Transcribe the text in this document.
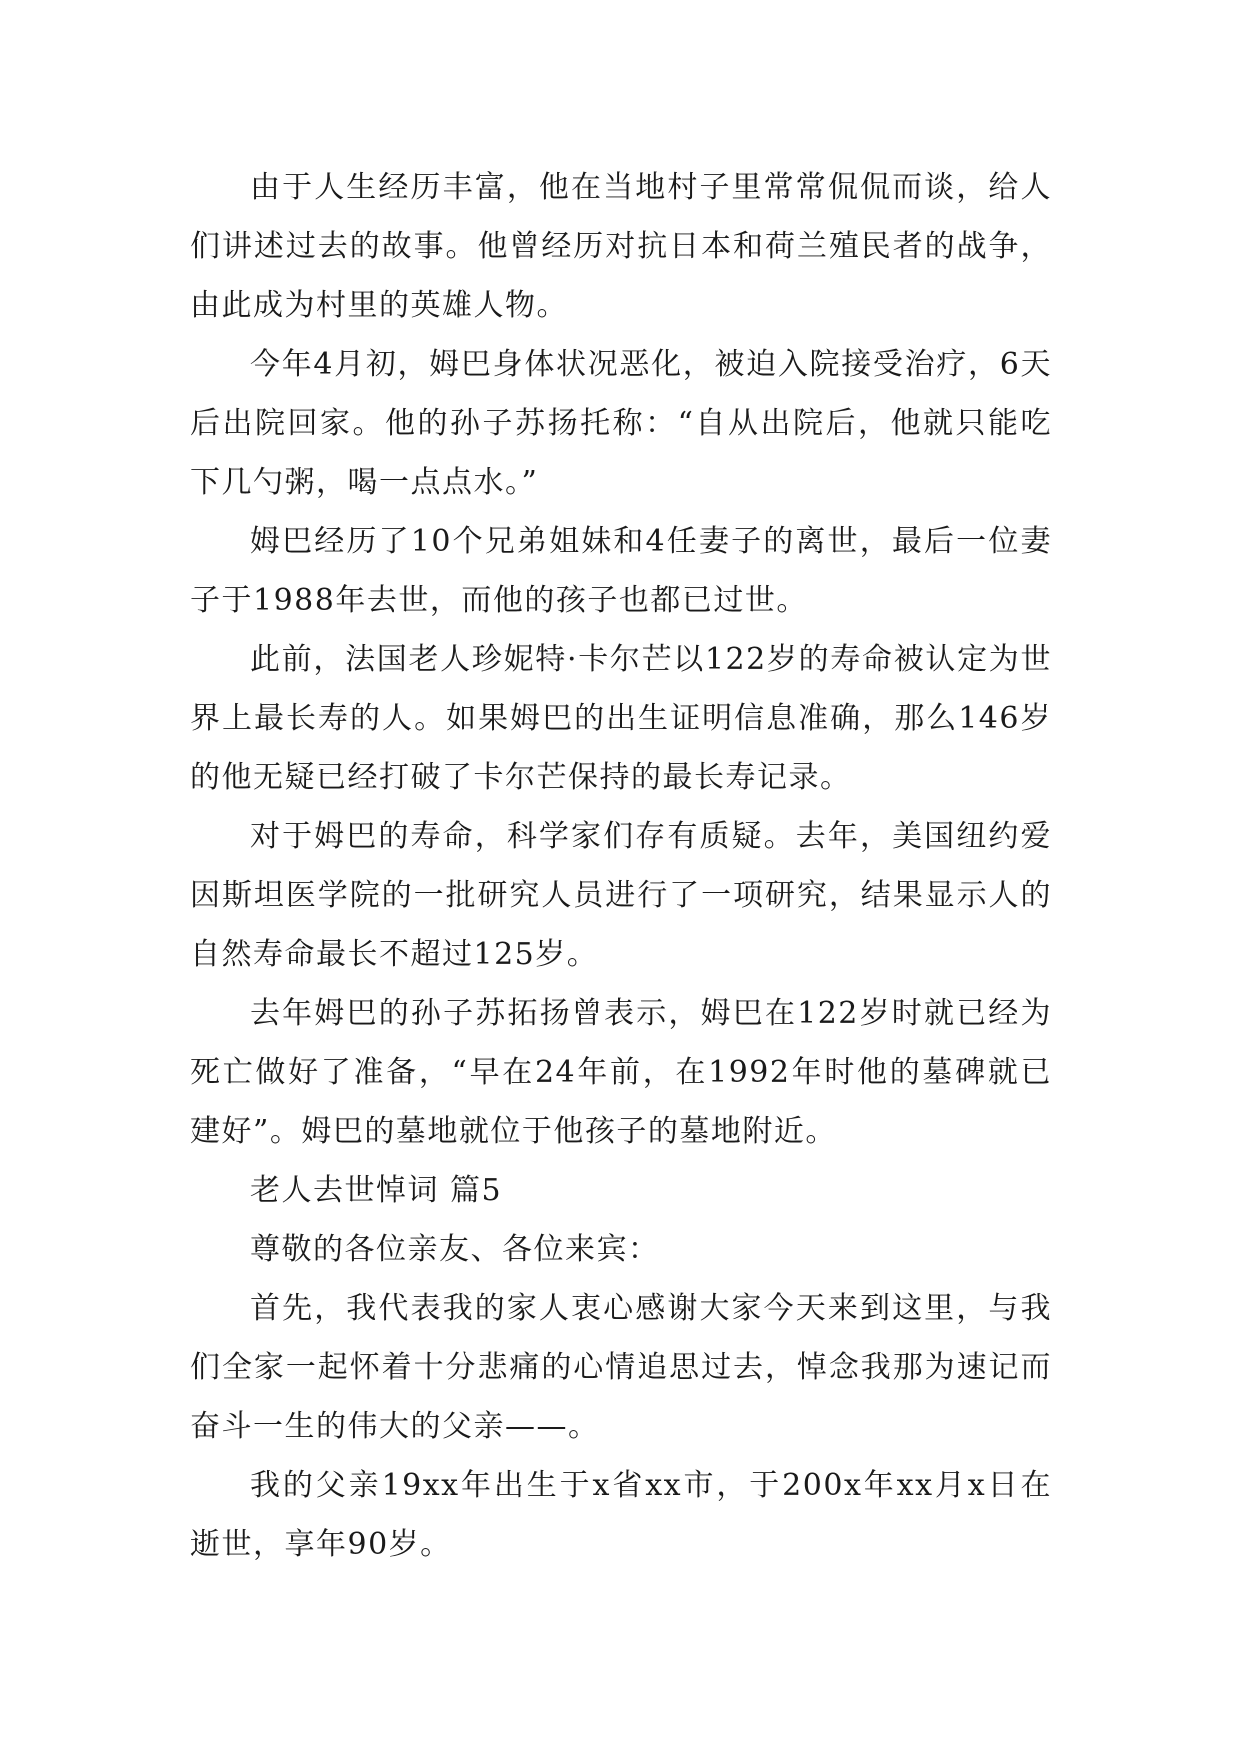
由于人生经历丰富，他在当地村子里常常侃侃而谈，给人们讲述过去的故事。他曾经历对抗日本和荷兰殖民者的战争，由此成为村里的英雄人物。

今年4月初，姆巴身体状况恶化，被迫入院接受治疗，6天后出院回家。他的孙子苏扬托称：“自从出院后，他就只能吃下几勺粥，喝一点点水。”

姆巴经历了10个兄弟姐妹和4任妻子的离世，最后一位妻子于1988年去世，而他的孩子也都已过世。

此前，法国老人珍妮特·卡尔芒以122岁的寿命被认定为世界上最长寿的人。如果姆巴的出生证明信息准确，那么146岁的他无疑已经打破了卡尔芒保持的最长寿记录。

对于姆巴的寿命，科学家们存有质疑。去年，美国纽约爱因斯坦医学院的一批研究人员进行了一项研究，结果显示人的自然寿命最长不超过125岁。

去年姆巴的孙子苏拓扬曾表示，姆巴在122岁时就已经为死亡做好了准备，“早在24年前，在1992年时他的墓碑就已建好”。姆巴的墓地就位于他孩子的墓地附近。

老人去世悼词 篇5

尊敬的各位亲友、各位来宾：

首先，我代表我的家人衷心感谢大家今天来到这里，与我们全家一起怀着十分悲痛的心情追思过去，悼念我那为速记而奋斗一生的伟大的父亲——。

我的父亲19xx年出生于x省xx市，于200x年xx月x日在逝世，享年90岁。
